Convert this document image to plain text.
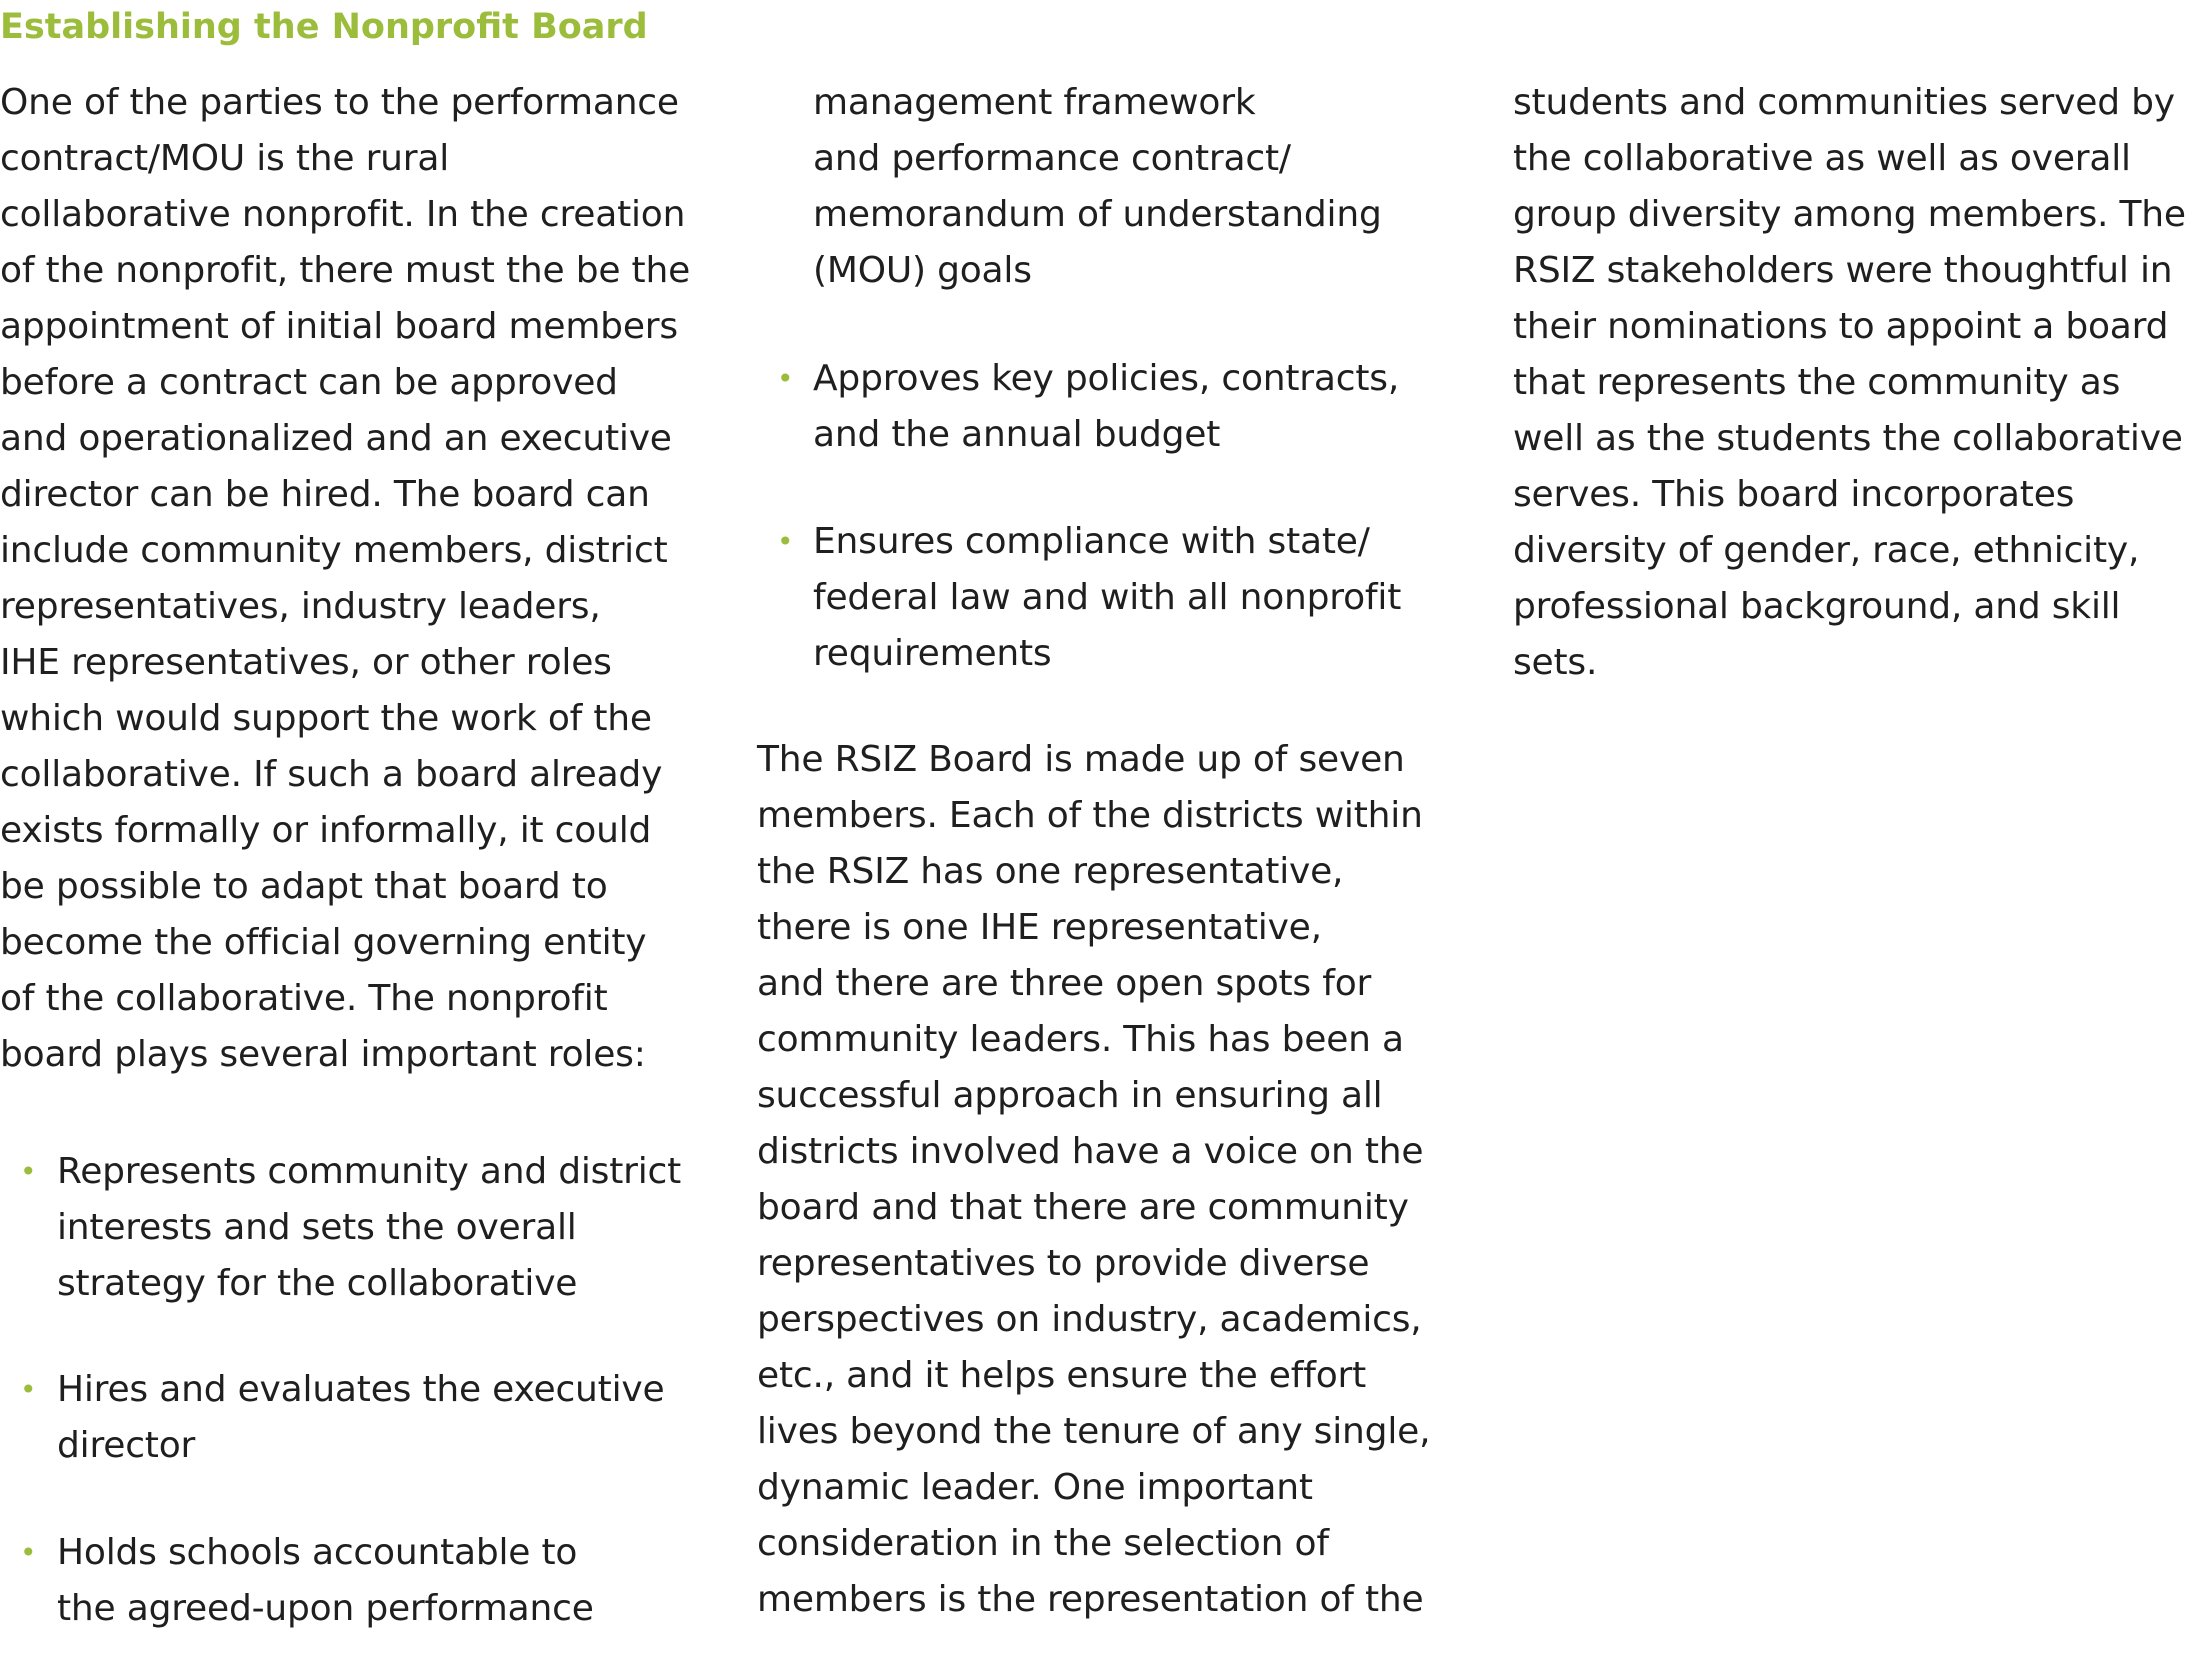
Establishing the Nonprofit Board
One of the parties to the performance
contract/MOU is the rural
collaborative nonprofit. In the creation
of the nonprofit, there must the be the
appointment of initial board members
before a contract can be approved
and operationalized and an executive
director can be hired. The board can
include community members, district
representatives, industry leaders,
IHE representatives, or other roles
which would support the work of the
collaborative. If such a board already
exists formally or informally, it could
be possible to adapt that board to
become the official governing entity
of the collaborative. The nonprofit
board plays several important roles:
• Represents community and district
interests and sets the overall
strategy for the collaborative
• Hires and evaluates the executive
director
• Holds schools accountable to
the agreed-upon performance
management framework
and performance contract/
memorandum of understanding
(MOU) goals
• Approves key policies, contracts,
and the annual budget
• Ensures compliance with state/
federal law and with all nonprofit
requirements
The RSIZ Board is made up of seven
members. Each of the districts within
the RSIZ has one representative,
there is one IHE representative,
and there are three open spots for
community leaders. This has been a
successful approach in ensuring all
districts involved have a voice on the
board and that there are community
representatives to provide diverse
perspectives on industry, academics,
etc., and it helps ensure the effort
lives beyond the tenure of any single,
dynamic leader. One important
consideration in the selection of
members is the representation of the
students and communities served by
the collaborative as well as overall
group diversity among members. The
RSIZ stakeholders were thoughtful in
their nominations to appoint a board
that represents the community as
well as the students the collaborative
serves. This board incorporates
diversity of gender, race, ethnicity,
professional background, and skill
sets.
